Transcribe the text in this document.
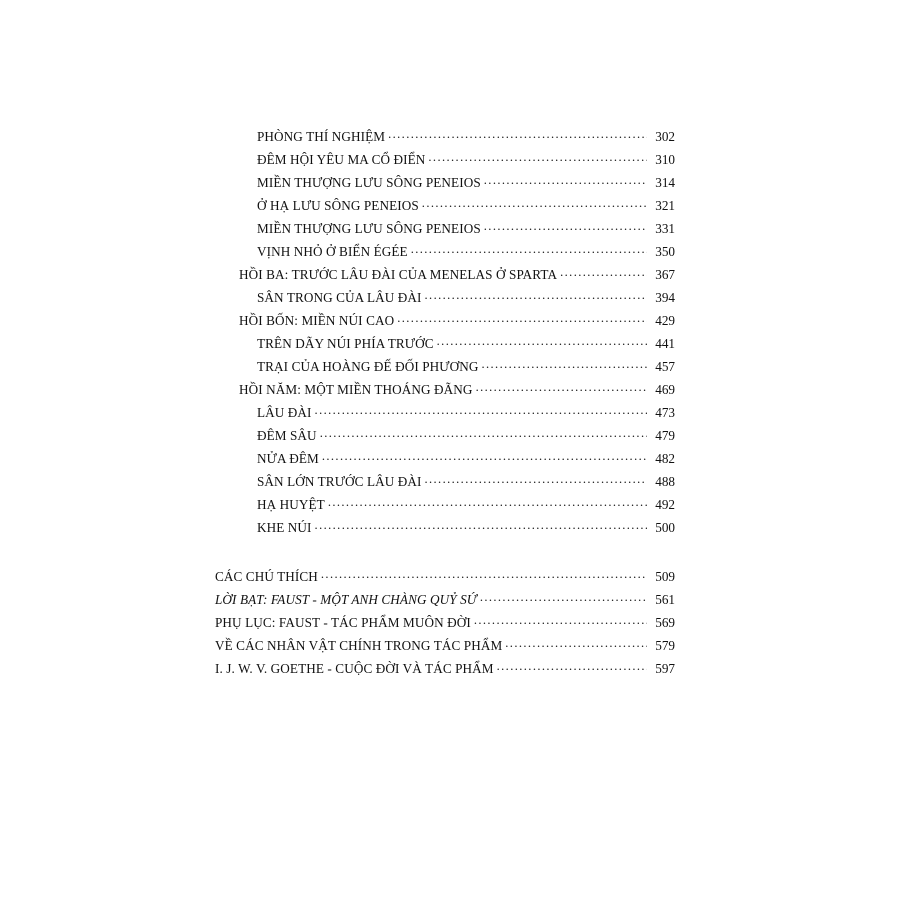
PHÒNG THÍ NGHIỆM .....	302
ĐÊM HỘI YÊU MA CỔ ĐIỂN .....	310
MIỀN THƯỢNG LƯU SÔNG PENEIOS .....	314
Ở HẠ LƯU SÔNG PENEIOS .....	321
MIỀN THƯỢNG LƯU SÔNG PENEIOS .....	331
VỊNH NHỎ Ở BIỂN ÉGÉE .....	350
HỒI BA: TRƯỚC LÂU ĐÀI CỦA MENELAS Ở SPARTA .....	367
SÂN TRONG CỦA LÂU ĐÀI .....	394
HỒI BỐN: MIỀN NÚI CAO .....	429
TRÊN DÃY NÚI PHÍA TRƯỚC .....	441
TRẠI CỦA HOÀNG ĐẾ ĐỐI PHƯƠNG .....	457
HỒI NĂM: MỘT MIỀN THOÁNG ĐÃNG .....	469
LÂU ĐÀI .....	473
ĐÊM SÂU .....	479
NỬA ĐÊM .....	482
SÂN LỚN TRƯỚC LÂU ĐÀI .....	488
HẠ HUYỆT .....	492
KHE NÚI .....	500
CÁC CHÚ THÍCH .....	509
LỜI BẠT: FAUST - MỘT ANH CHÀNG QUỶ SỨ .....	561
PHỤ LỤC: FAUST - TÁC PHẨM MUÔN ĐỜI .....	569
VỀ CÁC NHÂN VẬT CHÍNH TRONG TÁC PHẨM .....	579
I. J. W. V. GOETHE - CUỘC ĐỜI VÀ TÁC PHẨM .....	597
